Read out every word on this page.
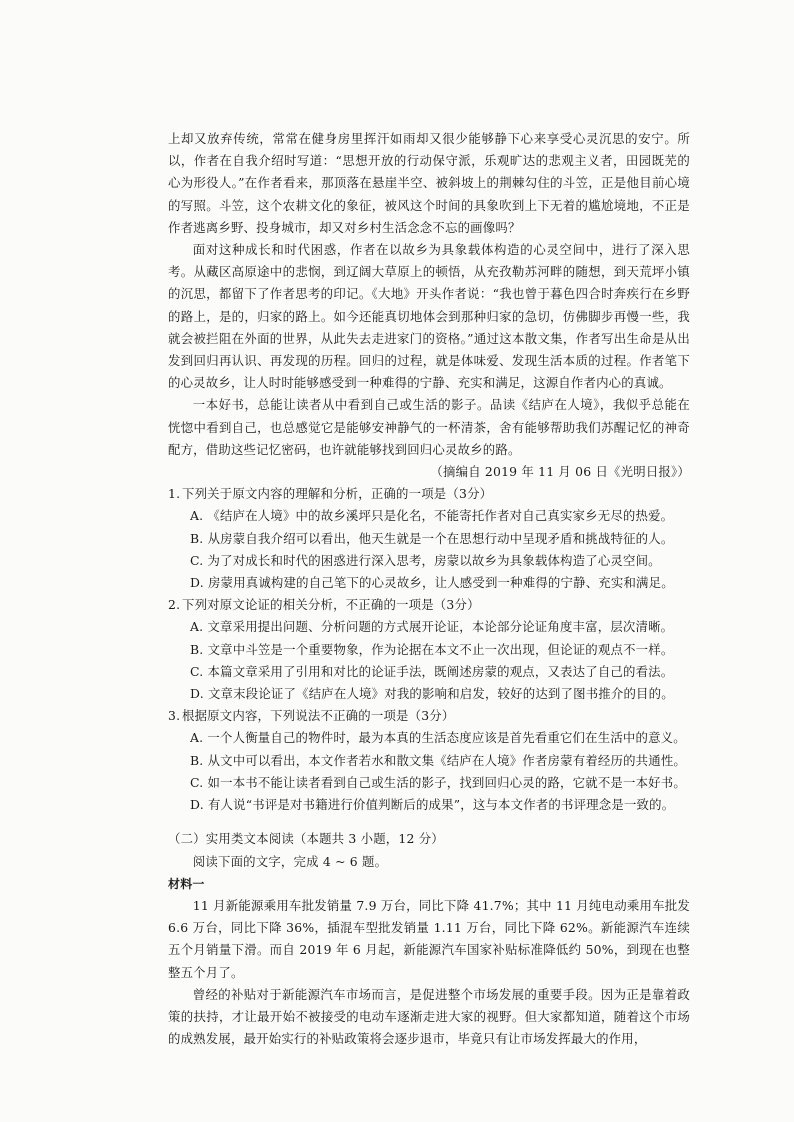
上却又放弃传统，常常在健身房里挥汗如雨却又很少能够静下心来享受心灵沉思的安宁。所以，作者在自我介绍时写道：“思想开放的行动保守派，乐观旷达的悲观主义者，田园既芜的心为形役人。”在作者看来，那顶落在悬崖半空、被斜坡上的荆棘勾住的斗笠，正是他目前心境的写照。斗笠，这个农耕文化的象征，被风这个时间的具象吹到上下无着的尴尬境地，不正是作者逃离乡野、投身城市，却又对乡村生活念念不忘的画像吗？

面对这种成长和时代困惑，作者在以故乡为具象载体构造的心灵空间中，进行了深入思考。从藏区高原途中的悲悯，到辽阔大草原上的顿悟，从充孜勒苏河畔的随想，到天荒坪小镇的沉思，都留下了作者思考的印记。《大地》开头作者说：“我也曾于暮色四合时奔疾行在乡野的路上，是的，归家的路上。如今还能真切地体会到那种归家的急切，仿佛脚步再慢一些，我就会被拦阻在外面的世界，从此失去走进家门的资格。”通过这本散文集，作者写出生命是从出发到回归再认识、再发现的历程。回归的过程，就是体味爱、发现生活本质的过程。作者笔下的心灵故乡，让人时时能够感受到一种难得的宁静、充实和满足，这源自作者内心的真诚。

一本好书，总能让读者从中看到自己或生活的影子。品读《结庐在人境》，我似乎总能在恍惚中看到自己，也总感觉它是能够安神静气的一杯清茶，舍有能够帮助我们苏醒记忆的神奇配方，借助这些记忆密码，也许就能够找到回归心灵故乡的路。

（摘编自 2019 年 11 月 06 日《光明日报》）

1. 下列关于原文内容的理解和分析，正确的一项是（3分）
A. 《结庐在人境》中的故乡溪坪只是化名，不能寄托作者对自己真实家乡无尽的热爱。
B. 从房蒙自我介绍可以看出，他天生就是一个在思想行动中呈现矛盾和挑战特征的人。
C. 为了对成长和时代的困惑进行深入思考，房蒙以故乡为具象载体构造了心灵空间。
D. 房蒙用真诚构建的自己笔下的心灵故乡，让人感受到一种难得的宁静、充实和满足。
2. 下列对原文论证的相关分析，不正确的一项是（3分）
A. 文章采用提出问题、分析问题的方式展开论证，本论部分论证角度丰富，层次清晰。
B. 文章中斗笠是一个重要物象，作为论据在本文不止一次出现，但论证的观点不一样。
C. 本篇文章采用了引用和对比的论证手法，既阐述房蒙的观点，又表达了自己的看法。
D. 文章末段论证了《结庐在人境》对我的影响和启发，较好的达到了图书推介的目的。
3. 根据原文内容，下列说法不正确的一项是（3分）
A. 一个人衡量自己的物件时，最为本真的生活态度应该是首先看重它们在生活中的意义。
B. 从文中可以看出，本文作者若水和散文集《结庐在人境》作者房蒙有着经历的共通性。
C. 如一本书不能让读者看到自己或生活的影子，找到回归心灵的路，它就不是一本好书。
D. 有人说“书评是对书籍进行价值判断后的成果”，这与本文作者的书评理念是一致的。

（二）实用类文本阅读（本题共 3 小题，12 分）

阅读下面的文字，完成 4 ~ 6 题。

材料一

11 月新能源乘用车批发销量 7.9 万台，同比下降 41.7%；其中 11 月纯电动乘用车批发 6.6 万台，同比下降 36%，插混车型批发销量 1.11 万台，同比下降 62%。新能源汽车连续五个月销量下滑。而自 2019 年 6 月起，新能源汽车国家补贴标准降低约 50%，到现在也整整五个月了。

曾经的补贴对于新能源汽车市场而言，是促进整个市场发展的重要手段。因为正是靠着政策的扶持，才让最开始不被接受的电动车逐渐走进大家的视野。但大家都知道，随着这个市场的成熟发展，最开始实行的补贴政策将会逐步退市，毕竟只有让市场发挥最大的作用，
